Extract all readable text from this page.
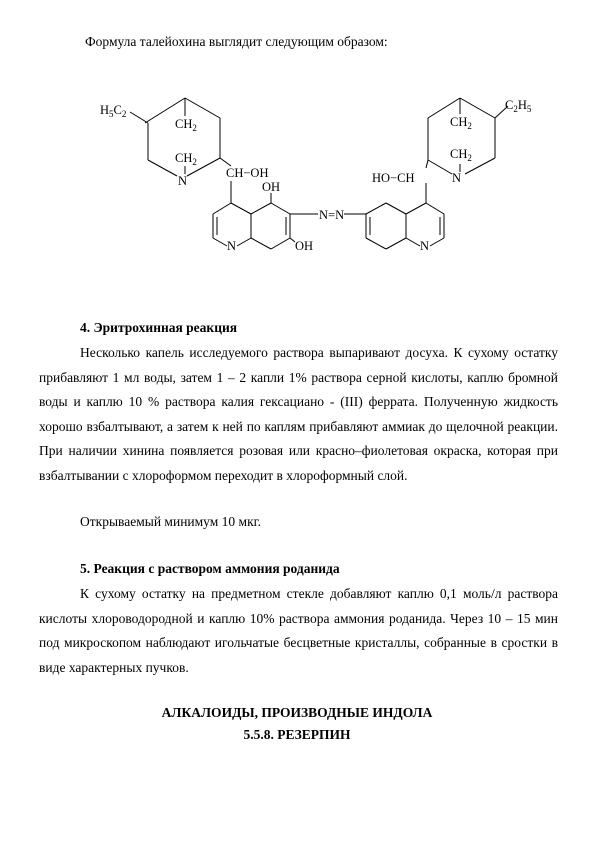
Формула талейохина выглядит следующим образом:
$H_5C_2$
$CH_2$
$CH_2$
N
CH−OH
OH
N	OH
N=N
N
HO−CH	N
$CH_2$
$CH_2$
$C_2H_5$
4. Эритрохинная реакция

Несколько капель исследуемого раствора выпаривают досуха. К сухому остатку прибавляют 1 мл воды, затем 1 – 2 капли 1% раствора серной кислоты, каплю бромной воды и каплю 10 % раствора калия гексациано - (III) феррата. Полученную жидкость хорошо взбалтывают, а затем к ней по каплям прибавляют аммиак до щелочной реакции. При наличии хинина появляется розовая или красно–фиолетовая окраска, которая при взбалтывании с хлороформом переходит в хлороформный слой.

Открываемый минимум 10 мкг.
5. Реакция с раствором аммония роданида

К сухому остатку на предметном стекле добавляют каплю 0,1 моль/л раствора кислоты хлороводородной и каплю 10% раствора аммония роданида. Через 10 – 15 мин под микроскопом наблюдают игольчатые бесцветные кристаллы, собранные в сростки в виде характерных пучков.

АЛКАЛОИДЫ, ПРОИЗВОДНЫЕ ИНДОЛА
5.5.8. РЕЗЕРПИН
